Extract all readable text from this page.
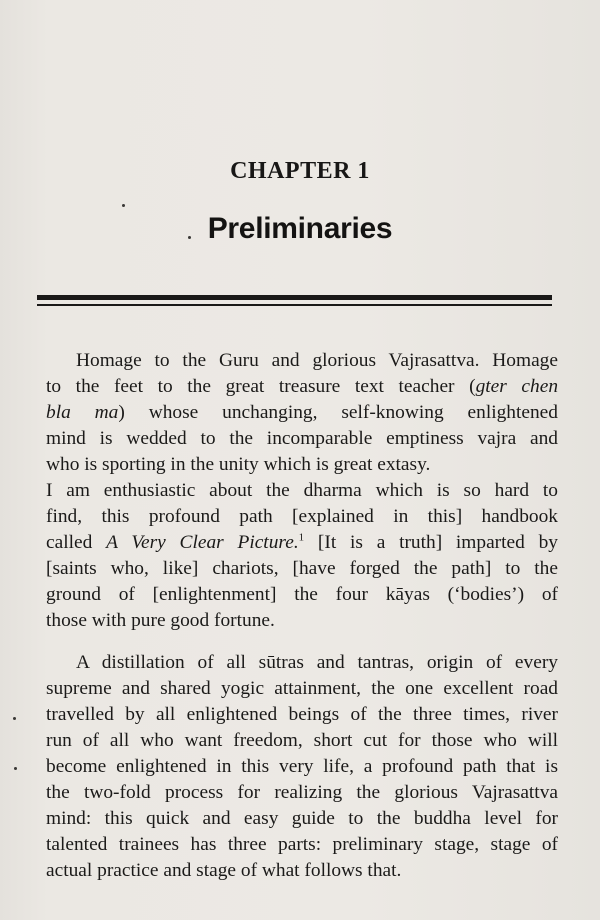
CHAPTER 1
Preliminaries
Homage to the Guru and glorious Vajrasattva. Homage
to the feet to the great treasure text teacher (gter chen
bla ma) whose unchanging, self-knowing enlightened
mind is wedded to the incomparable emptiness vajra and
who is sporting in the unity which is great extasy.
I am enthusiastic about the dharma which is so hard to
find, this profound path [explained in this] handbook
called A Very Clear Picture.$^1$ [It is a truth] imparted by
[saints who, like] chariots, [have forged the path] to the
ground of [enlightenment] the four kāyas (‘bodies’) of
those with pure good fortune.
A distillation of all sūtras and tantras, origin of every
supreme and shared yogic attainment, the one excellent road
travelled by all enlightened beings of the three times, river
run of all who want freedom, short cut for those who will
become enlightened in this very life, a profound path that is
the two-fold process for realizing the glorious Vajrasattva
mind: this quick and easy guide to the buddha level for
talented trainees has three parts: preliminary stage, stage of
actual practice and stage of what follows that.
